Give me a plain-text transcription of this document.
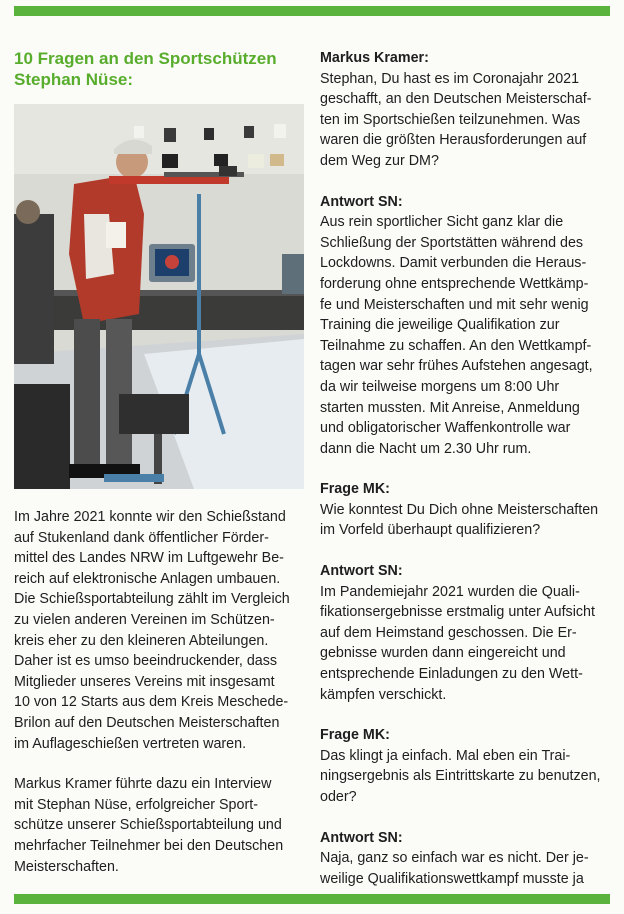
10 Fragen an den Sportschützen
Stephan Nüse:

Im Jahre 2021 konnte wir den Schießstand
auf Stukenland dank öffentlicher Förder-
mittel des Landes NRW im Luftgewehr Be-
reich auf elektronische Anlagen umbauen.
Die Schießsportabteilung zählt im Vergleich
zu vielen anderen Vereinen im Schützen-
kreis eher zu den kleineren Abteilungen.
Daher ist es umso beeindruckender, dass
Mitglieder unseres Vereins mit insgesamt
10 von 12 Starts aus dem Kreis Meschede-
Brilon auf den Deutschen Meisterschaften
im Auflageschießen vertreten waren.

Markus Kramer führte dazu ein Interview
mit Stephan Nüse, erfolgreicher Sport-
schütze unserer Schießsportabteilung und
mehrfacher Teilnehmer bei den Deutschen
Meisterschaften.

Markus Kramer:

Stephan, Du hast es im Coronajahr 2021
geschafft, an den Deutschen Meisterschaf-
ten im Sportschießen teilzunehmen. Was
waren die größten Herausforderungen auf
dem Weg zur DM?

Antwort SN:

Aus rein sportlicher Sicht ganz klar die
Schließung der Sportstätten während des
Lockdowns. Damit verbunden die Heraus-
forderung ohne entsprechende Wettkämp-
fe und Meisterschaften und mit sehr wenig
Training die jeweilige Qualifikation zur
Teilnahme zu schaffen. An den Wettkampf-
tagen war sehr frühes Aufstehen angesagt,
da wir teilweise morgens um 8:00 Uhr
starten mussten. Mit Anreise, Anmeldung
und obligatorischer Waffenkontrolle war
dann die Nacht um 2.30 Uhr rum.

Frage MK:

Wie konntest Du Dich ohne Meisterschaften
im Vorfeld überhaupt qualifizieren?

Antwort SN:

Im Pandemiejahr 2021 wurden die Quali-
fikationsergebnisse erstmalig unter Aufsicht
auf dem Heimstand geschossen. Die Er-
gebnisse wurden dann eingereicht und
entsprechende Einladungen zu den Wett-
kämpfen verschickt.

Frage MK:

Das klingt ja einfach. Mal eben ein Trai-
ningsergebnis als Eintrittskarte zu benutzen,
oder?

Antwort SN:

Naja, ganz so einfach war es nicht. Der je-
weilige Qualifikationswettkampf musste ja
